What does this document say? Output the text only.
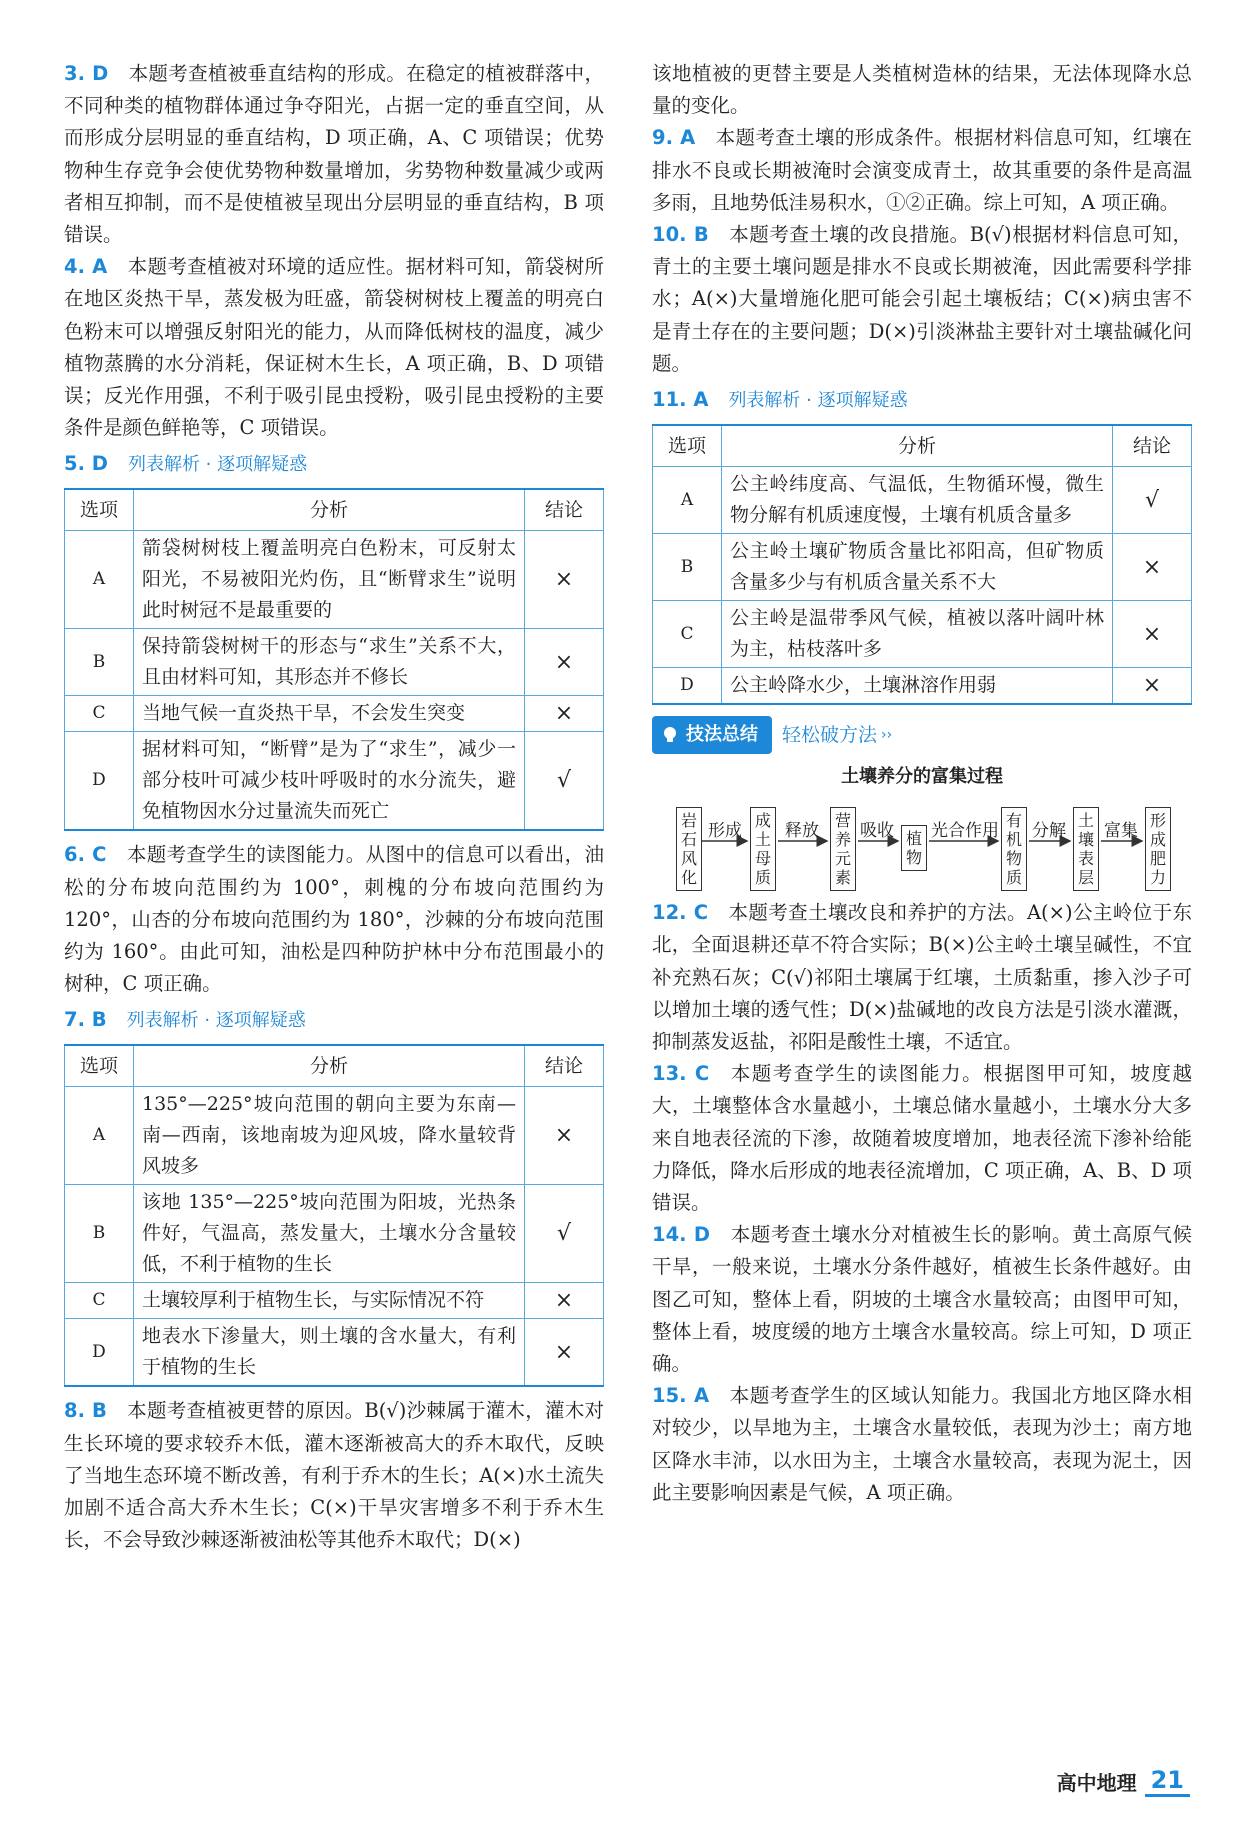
3. D 本题考查植被垂直结构的形成。在稳定的植被群落中，不同种类的植物群体通过争夺阳光，占据一定的垂直空间，从而形成分层明显的垂直结构，D 项正确，A、C 项错误；优势物种生存竞争会使优势物种数量增加，劣势物种数量减少或两者相互抑制，而不是使植被呈现出分层明显的垂直结构，B 项错误。

4. A 本题考查植被对环境的适应性。据材料可知，箭袋树所在地区炎热干旱，蒸发极为旺盛，箭袋树树枝上覆盖的明亮白色粉末可以增强反射阳光的能力，从而降低树枝的温度，减少植物蒸腾的水分消耗，保证树木生长，A 项正确，B、D 项错误；反光作用强，不利于吸引昆虫授粉，吸引昆虫授粉的主要条件是颜色鲜艳等，C 项错误。

5. D 列表解析 · 逐项解疑惑

选项	分析	结论
A	箭袋树树枝上覆盖明亮白色粉末，可反射太阳光，不易被阳光灼伤，且“断臂求生”说明此时树冠不是最重要的	×
B	保持箭袋树树干的形态与“求生”关系不大，且由材料可知，其形态并不修长	×
C	当地气候一直炎热干旱，不会发生突变	×
D	据材料可知，“断臂”是为了“求生”，减少一部分枝叶可减少枝叶呼吸时的水分流失，避免植物因水分过量流失而死亡	√

6. C 本题考查学生的读图能力。从图中的信息可以看出，油松的分布坡向范围约为 100°，刺槐的分布坡向范围约为 120°，山杏的分布坡向范围约为 180°，沙棘的分布坡向范围约为 160°。由此可知，油松是四种防护林中分布范围最小的树种，C 项正确。

7. B 列表解析 · 逐项解疑惑

选项	分析	结论
A	135°—225°坡向范围的朝向主要为东南—南—西南，该地南坡为迎风坡，降水量较背风坡多	×
B	该地 135°—225°坡向范围为阳坡，光热条件好，气温高，蒸发量大，土壤水分含量较低，不利于植物的生长	√
C	土壤较厚利于植物生长，与实际情况不符	×
D	地表水下渗量大，则土壤的含水量大，有利于植物的生长	×

8. B 本题考查植被更替的原因。B(√)沙棘属于灌木，灌木对生长环境的要求较乔木低，灌木逐渐被高大的乔木取代，反映了当地生态环境不断改善，有利于乔木的生长；A(×)水土流失加剧不适合高大乔木生长；C(×)干旱灾害增多不利于乔木生长，不会导致沙棘逐渐被油松等其他乔木取代；D(×)

该地植被的更替主要是人类植树造林的结果，无法体现降水总量的变化。

9. A 本题考查土壤的形成条件。根据材料信息可知，红壤在排水不良或长期被淹时会演变成青土，故其重要的条件是高温多雨，且地势低洼易积水，①②正确。综上可知，A 项正确。

10. B 本题考查土壤的改良措施。B(√)根据材料信息可知，青土的主要土壤问题是排水不良或长期被淹，因此需要科学排水；A(×)大量增施化肥可能会引起土壤板结；C(×)病虫害不是青土存在的主要问题；D(×)引淡淋盐主要针对土壤盐碱化问题。

11. A 列表解析 · 逐项解疑惑

选项	分析	结论
A	公主岭纬度高、气温低，生物循环慢，微生物分解有机质速度慢，土壤有机质含量多	√
B	公主岭土壤矿物质含量比祁阳高，但矿物质含量多少与有机质含量关系不大	×
C	公主岭是温带季风气候，植被以落叶阔叶林为主，枯枝落叶多	×
D	公主岭降水少，土壤淋溶作用弱	×
技法总结 轻松破方法 ››
土壤养分的富集过程
岩石风化
成土母质
营养元素
植物
有机物质
土壤表层
形成肥力
形成	释放 吸收 光合作用 分解 富集

12. C 本题考查土壤改良和养护的方法。A(×)公主岭位于东北，全面退耕还草不符合实际；B(×)公主岭土壤呈碱性，不宜补充熟石灰；C(√)祁阳土壤属于红壤，土质黏重，掺入沙子可以增加土壤的透气性；D(×)盐碱地的改良方法是引淡水灌溉，抑制蒸发返盐，祁阳是酸性土壤，不适宜。

13. C 本题考查学生的读图能力。根据图甲可知，坡度越大，土壤整体含水量越小，土壤总储水量越小，土壤水分大多来自地表径流的下渗，故随着坡度增加，地表径流下渗补给能力降低，降水后形成的地表径流增加，C 项正确，A、B、D 项错误。

14. D 本题考查土壤水分对植被生长的影响。黄土高原气候干旱，一般来说，土壤水分条件越好，植被生长条件越好。由图乙可知，整体上看，阴坡的土壤含水量较高；由图甲可知，整体上看，坡度缓的地方土壤含水量较高。综上可知，D 项正确。

15. A 本题考查学生的区域认知能力。我国北方地区降水相对较少，以旱地为主，土壤含水量较低，表现为沙土；南方地区降水丰沛，以水田为主，土壤含水量较高，表现为泥土，因此主要影响因素是气候，A 项正确。

高中地理 21
